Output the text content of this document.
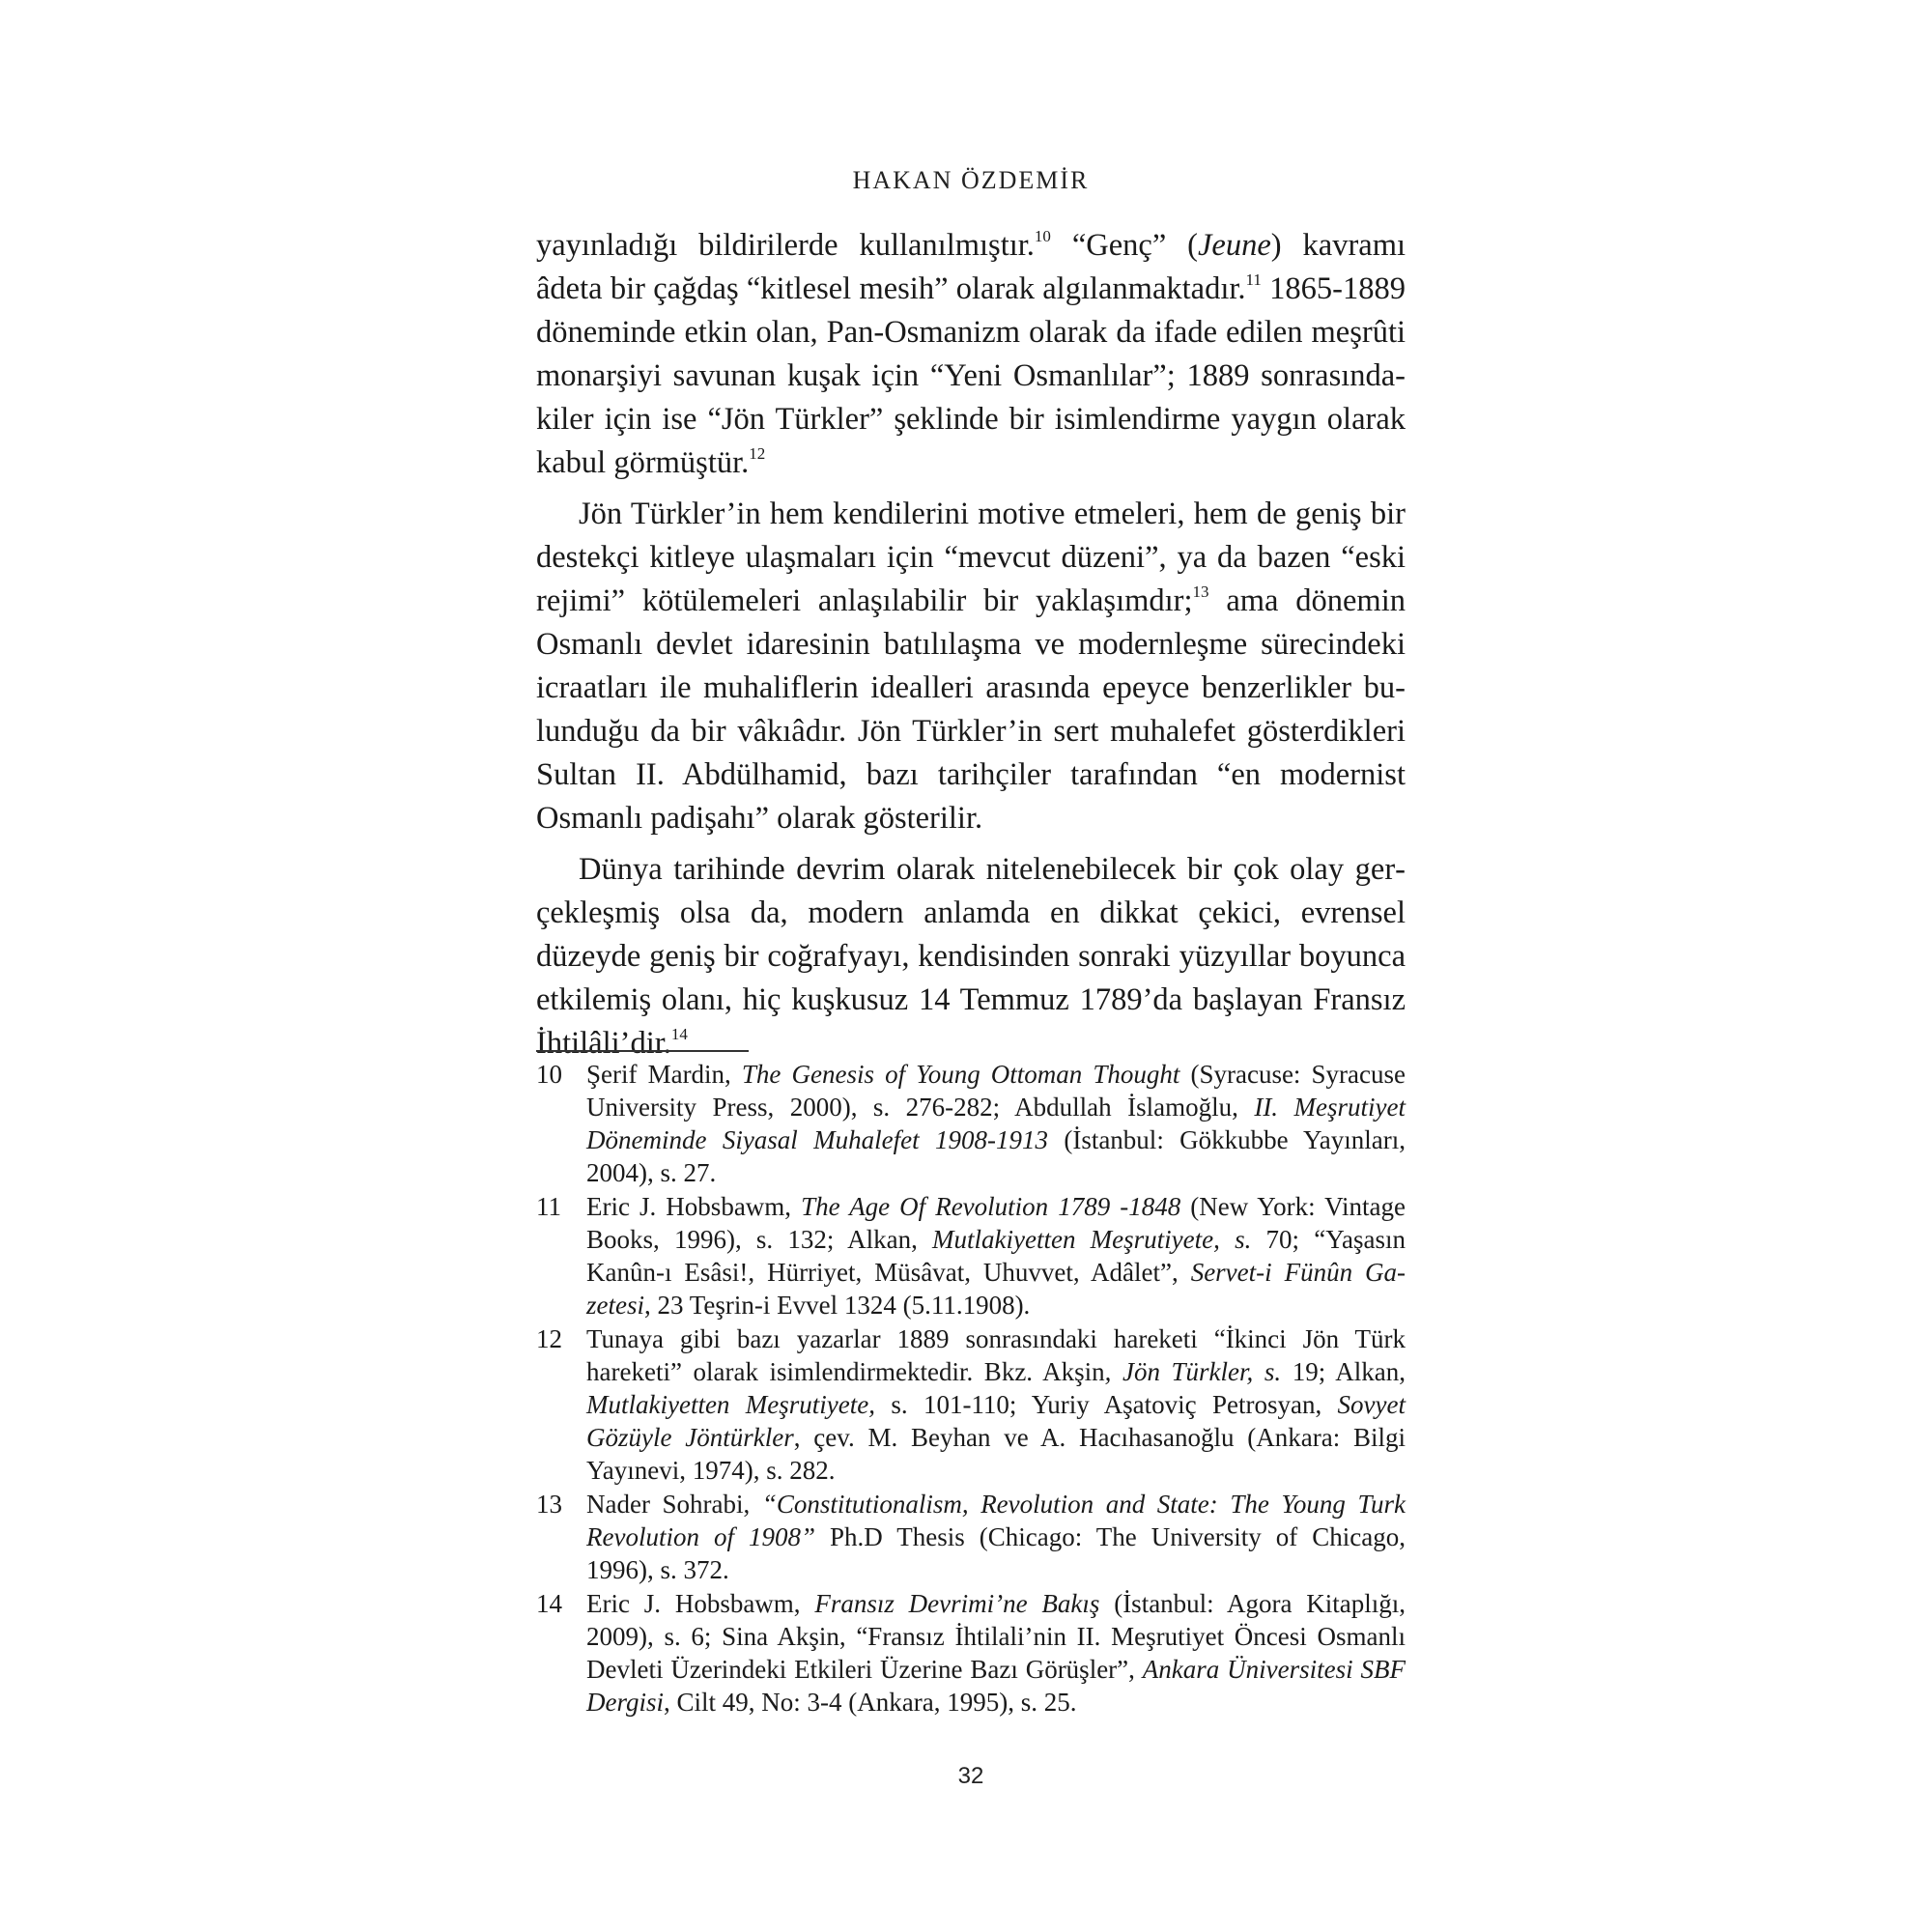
HAKAN ÖZDEMİR

yayınladığı bildirilerde kullanılmıştır.$^{10}$ “Genç” (Jeune) kavramı âdeta bir çağdaş “kitlesel mesih” olarak algılanmaktadır.$^{11}$ 1865-1889 döneminde etkin olan, Pan-Osmanizm olarak da ifade edilen meşrûti monarşiyi savunan kuşak için “Yeni Osmanlılar”; 1889 sonrasındakiler için ise “Jön Türkler” şeklinde bir isimlendirme yaygın olarak kabul görmüştür.$^{12}$

Jön Türkler’in hem kendilerini motive etmeleri, hem de geniş bir destekçi kitleye ulaşmaları için “mevcut düzeni”, ya da bazen “eski rejimi” kötülemeleri anlaşılabilir bir yaklaşımdır;$^{13}$ ama dönemin Osmanlı devlet idaresinin batılılaşma ve modernleşme sürecindeki icraatları ile muhaliflerin idealleri arasında epeyce benzerlikler bulunduğu da bir vâkıâdır. Jön Türkler’in sert muhalefet gösterdikleri Sultan II. Abdülhamid, bazı tarihçiler tarafından “en modernist Osmanlı padişahı” olarak gösterilir.

Dünya tarihinde devrim olarak nitelenebilecek bir çok olay gerçekleşmiş olsa da, modern anlamda en dikkat çekici, evrensel düzeyde geniş bir coğrafyayı, kendisinden sonraki yüzyıllar boyunca etkilemiş olanı, hiç kuşkusuz 14 Temmuz 1789’da başlayan Fransız İhtilâli’dir.$^{14}$

10 Şerif Mardin, The Genesis of Young Ottoman Thought (Syracuse: Syracuse University Press, 2000), s. 276-282; Abdullah İslamoğlu, II. Meşrutiyet Döneminde Siyasal Muhalefet 1908-1913 (İstanbul: Gökkubbe Yayınları, 2004), s. 27.
11 Eric J. Hobsbawm, The Age Of Revolution 1789 -1848 (New York: Vintage Books, 1996), s. 132; Alkan, Mutlakiyetten Meşrutiyete, s. 70; “Yaşasın Kanûn-ı Esâsi!, Hürriyet, Müsâvat, Uhuvvet, Adâlet”, Servet-i Fünûn Gazetesi, 23 Teşrin-i Evvel 1324 (5.11.1908).
12 Tunaya gibi bazı yazarlar 1889 sonrasındaki hareketi “İkinci Jön Türk hareketi” olarak isimlendirmektedir. Bkz. Akşin, Jön Türkler, s. 19; Alkan, Mutlakiyetten Meşrutiyete, s. 101-110; Yuriy Aşatoviç Petrosyan, Sovyet Gözüyle Jöntürkler, çev. M. Beyhan ve A. Hacıhasanoğlu (Ankara: Bilgi Yayınevi, 1974), s. 282.
13 Nader Sohrabi, “Constitutionalism, Revolution and State: The Young Turk Revolution of 1908” Ph.D Thesis (Chicago: The University of Chicago, 1996), s. 372.
14 Eric J. Hobsbawm, Fransız Devrimi’ne Bakış (İstanbul: Agora Kitaplığı, 2009), s. 6; Sina Akşin, “Fransız İhtilali’nin II. Meşrutiyet Öncesi Osmanlı Devleti Üzerindeki Etkileri Üzerine Bazı Görüşler”, Ankara Üniversitesi SBF Dergisi, Cilt 49, No: 3-4 (Ankara, 1995), s. 25.
32
